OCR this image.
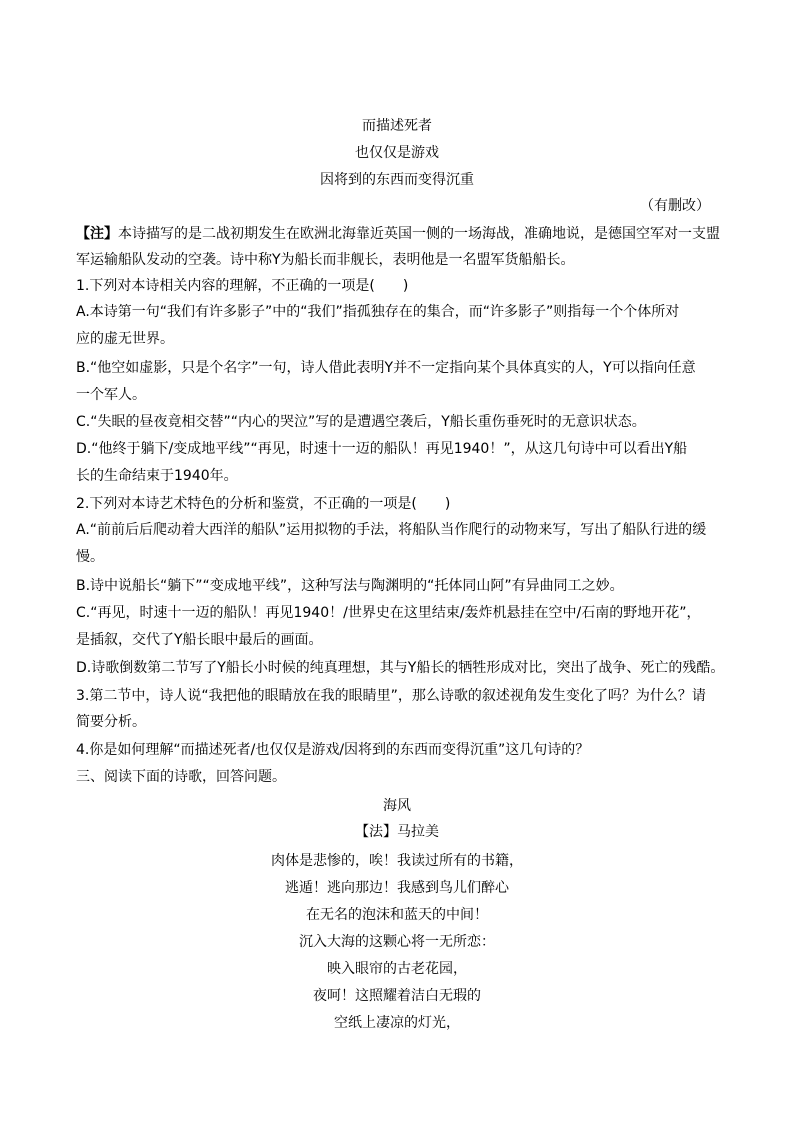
而描述死者
也仅仅是游戏
因将到的东西而变得沉重
（有删改）
【注】本诗描写的是二战初期发生在欧洲北海靠近英国一侧的一场海战，准确地说，是德国空军对一支盟
军运输船队发动的空袭。诗中称Y为船长而非舰长，表明他是一名盟军货船船长。
1.下列对本诗相关内容的理解，不正确的一项是(　　)
A.本诗第一句“我们有许多影子”中的“我们”指孤独存在的集合，而“许多影子”则指每一个个体所对
应的虚无世界。
B.“他空如虚影，只是个名字”一句，诗人借此表明Y并不一定指向某个具体真实的人，Y可以指向任意
一个军人。
C.“失眠的昼夜竟相交替”“内心的哭泣”写的是遭遇空袭后，Y船长重伤垂死时的无意识状态。
D.“他终于躺下/变成地平线”“再见，时速十一迈的船队！再见1940！”，从这几句诗中可以看出Y船
长的生命结束于1940年。
2.下列对本诗艺术特色的分析和鉴赏，不正确的一项是(　　)
A.“前前后后爬动着大西洋的船队”运用拟物的手法，将船队当作爬行的动物来写，写出了船队行进的缓
慢。
B.诗中说船长“躺下”“变成地平线”，这种写法与陶渊明的“托体同山阿”有异曲同工之妙。
C.“再见，时速十一迈的船队！再见1940！/世界史在这里结束/轰炸机悬挂在空中/石南的野地开花”，
是插叙，交代了Y船长眼中最后的画面。
D.诗歌倒数第二节写了Y船长小时候的纯真理想，其与Y船长的牺牲形成对比，突出了战争、死亡的残酷。
3.第二节中，诗人说“我把他的眼睛放在我的眼睛里”，那么诗歌的叙述视角发生变化了吗？为什么？请
简要分析。
4.你是如何理解“而描述死者/也仅仅是游戏/因将到的东西而变得沉重”这几句诗的？
三、阅读下面的诗歌，回答问题。
海风
【法】马拉美
肉体是悲惨的，唉！我读过所有的书籍，
逃遁！逃向那边！我感到鸟儿们醉心
在无名的泡沫和蓝天的中间！
沉入大海的这颗心将一无所恋：
映入眼帘的古老花园，
夜呵！这照耀着洁白无瑕的
空纸上凄凉的灯光，
